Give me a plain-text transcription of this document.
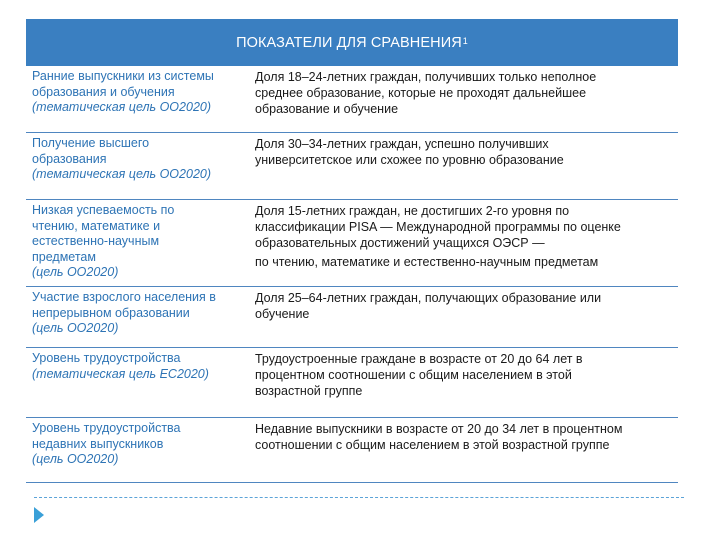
ПОКАЗАТЕЛИ ДЛЯ СРАВНЕНИЯ$^1$
Ранние выпускники из системы
образования и обучения
(тематическая цель ОО2020)
Доля 18–24-летних граждан, получивших только неполное
среднее образование, которые не проходят дальнейшее
образование и обучение
Получение высшего
образования
(тематическая цель ОО2020)
Доля 30–34-летних граждан, успешно получивших
университетское или схожее по уровню образование
Низкая успеваемость по
чтению, математике и
естественно-научным
предметам
(цель ОО2020)
Доля 15-летних граждан, не достигших 2-го уровня по
классификации PISA — Международной программы по оценке
образовательных достижений учащихся ОЭСР —
по чтению, математике и естественно-научным предметам
Участие взрослого населения в
непрерывном образовании
(цель ОО2020)
Доля 25–64-летних граждан, получающих образование или
обучение
Уровень трудоустройства
(тематическая цель ЕС2020)
Трудоустроенные граждане в возрасте от 20 до 64 лет в
процентном соотношении с общим населением в этой
возрастной группе
Уровень трудоустройства
недавних выпускников
(цель ОО2020)
Недавние выпускники в возрасте от 20 до 34 лет в процентном
соотношении с общим населением в этой возрастной группе
